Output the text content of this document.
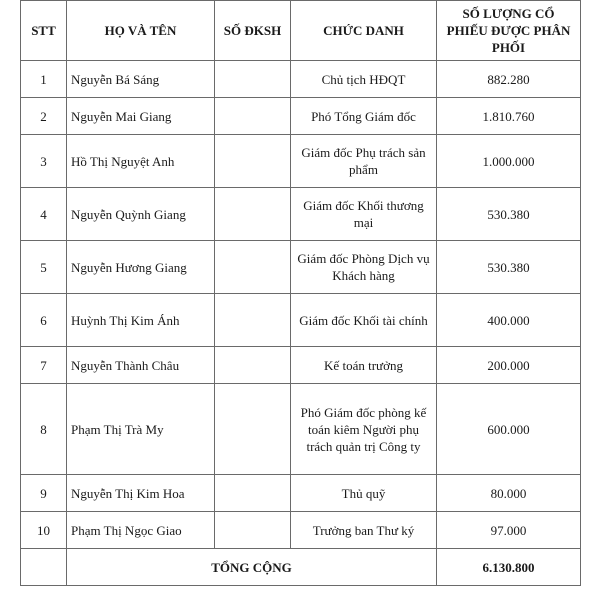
STT	HỌ VÀ TÊN	SỐ ĐKSH	CHỨC DANH	SỐ LƯỢNG CỔ PHIẾU ĐƯỢC PHÂN PHỐI
1	Nguyễn Bá Sáng		Chủ tịch HĐQT	882.280
2	Nguyễn Mai Giang		Phó Tổng Giám đốc	1.810.760
3	Hồ Thị Nguyệt Anh		Giám đốc Phụ trách sản phẩm	1.000.000
4	Nguyễn Quỳnh Giang		Giám đốc Khối thương mại	530.380
5	Nguyễn Hương Giang		Giám đốc Phòng Dịch vụ Khách hàng	530.380
6	Huỳnh Thị Kim Ánh		Giám đốc Khối tài chính	400.000
7	Nguyễn Thành Châu		Kế toán trưởng	200.000
8	Phạm Thị Trà My		Phó Giám đốc phòng kế toán kiêm Người phụ trách quản trị Công ty	600.000
9	Nguyễn Thị Kim Hoa		Thủ quỹ	80.000
10	Phạm Thị Ngọc Giao		Trưởng ban Thư ký	97.000
	TỔNG CỘNG			6.130.800
